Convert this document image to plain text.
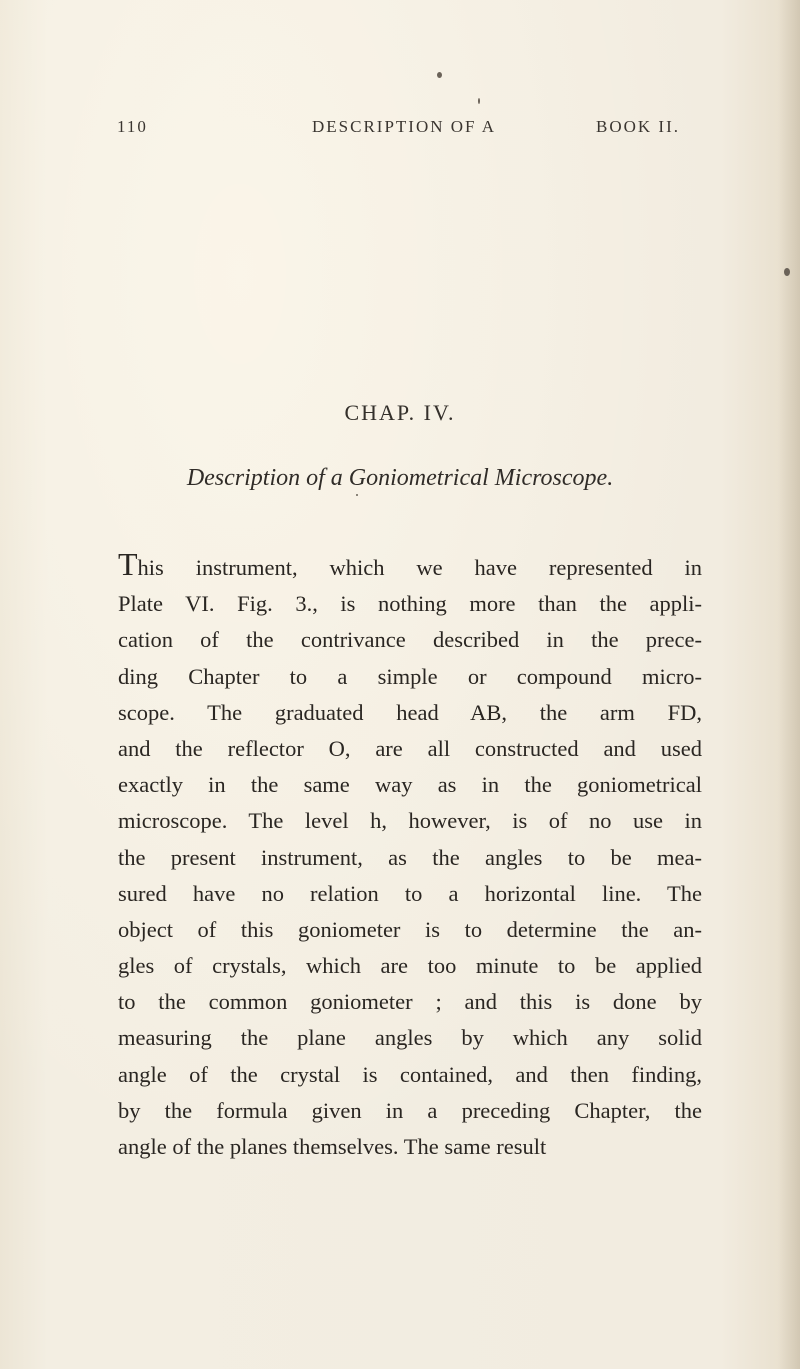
110	DESCRIPTION OF A	BOOK II.
CHAP. IV.
Description of a Goniometrical Microscope.
This instrument, which we have represented in
Plate VI. Fig. 3., is nothing more than the appli-
cation of the contrivance described in the prece-
ding Chapter to a simple or compound micro-
scope. The graduated head AB, the arm FD,
and the reflector O, are all constructed and used
exactly in the same way as in the goniometrical
microscope. The level h, however, is of no use in
the present instrument, as the angles to be mea-
sured have no relation to a horizontal line. The
object of this goniometer is to determine the an-
gles of crystals, which are too minute to be applied
to the common goniometer ; and this is done by
measuring the plane angles by which any solid
angle of the crystal is contained, and then finding,
by the formula given in a preceding Chapter, the
angle of the planes themselves. The same result
